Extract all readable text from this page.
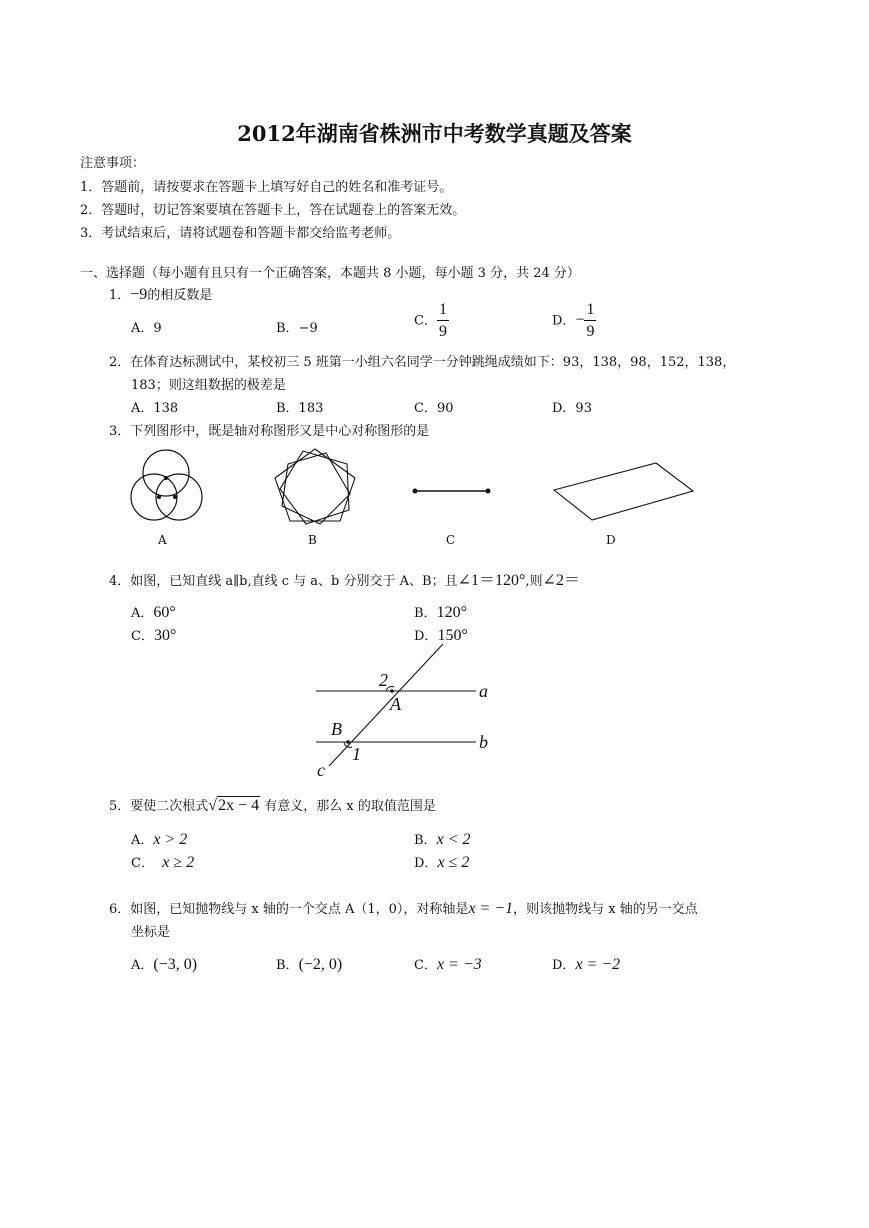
2012年湖南省株洲市中考数学真题及答案
注意事项：
1．答题前，请按要求在答题卡上填写好自己的姓名和准考证号。
2．答题时，切记答案要填在答题卡上，答在试题卷上的答案无效。
3．考试结束后，请将试题卷和答题卡都交给监考老师。
一、选择题（每小题有且只有一个正确答案，本题共 8 小题，每小题 3 分，共 24 分）
1．−9的相反数是
A．9	B．−9	C． $\frac{1}{9}$	D．− $\frac{1}{9}$
2．在体育达标测试中，某校初三 5 班第一小组六名同学一分钟跳绳成绩如下：93，138，98，152，138，
183；则这组数据的极差是
A．138	B．183	C．90	D．93
3．下列图形中，既是轴对称图形又是中心对称图形的是
A	B	C	D
4．如图，已知直线 a∥b,直线 c 与 a、b 分别交于 A、B；且∠1＝120°,则∠2＝
A．60°	B．120°
C．30°	D．150°
2
A
a
B
1
b
c
5．要使二次根式√2x − 4 有意义，那么 x 的取值范围是
A．x > 2	B．x < 2
C． x ≥ 2	D．x ≤ 2
6．如图，已知抛物线与 x 轴的一个交点 A（1，0），对称轴是x = −1，则该抛物线与 x 轴的另一交点
坐标是
A．(−3, 0)	B．(−2, 0)	C．x = −3	D．x = −2
